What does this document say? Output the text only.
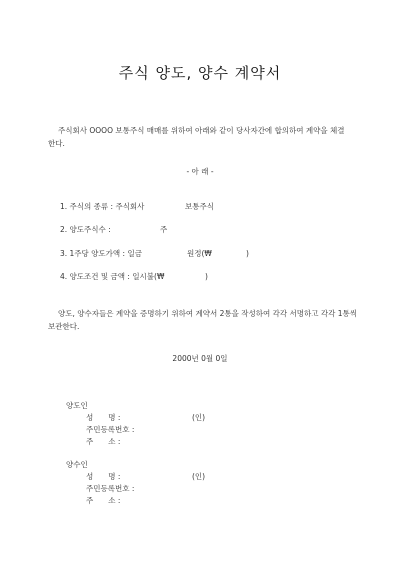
주식 양도, 양수 계약서
주식회사 OOOO 보통주식 매매를 위하여 아래와 같이 당사자간에 합의하여 계약을 체결한다.
- 아 래 -
1. 주식의 종류 : 주식회사	보통주식
2. 양도주식수 :	주
3. 1주당 양도가액 : 일금	원정(₩	)
4. 양도조건 및 금액 : 일시불(₩	)
양도, 양수자들은 계약을 증명하기 위하여 계약서 2통을 작성하여 각각 서명하고 각각 1통씩 보관한다.
2000년 0월 0일
양도인
성　　명 :	(인)
주민등록번호 :
주　　소 :
양수인
성　　명 :	(인)
주민등록번호 :
주　　소 :
